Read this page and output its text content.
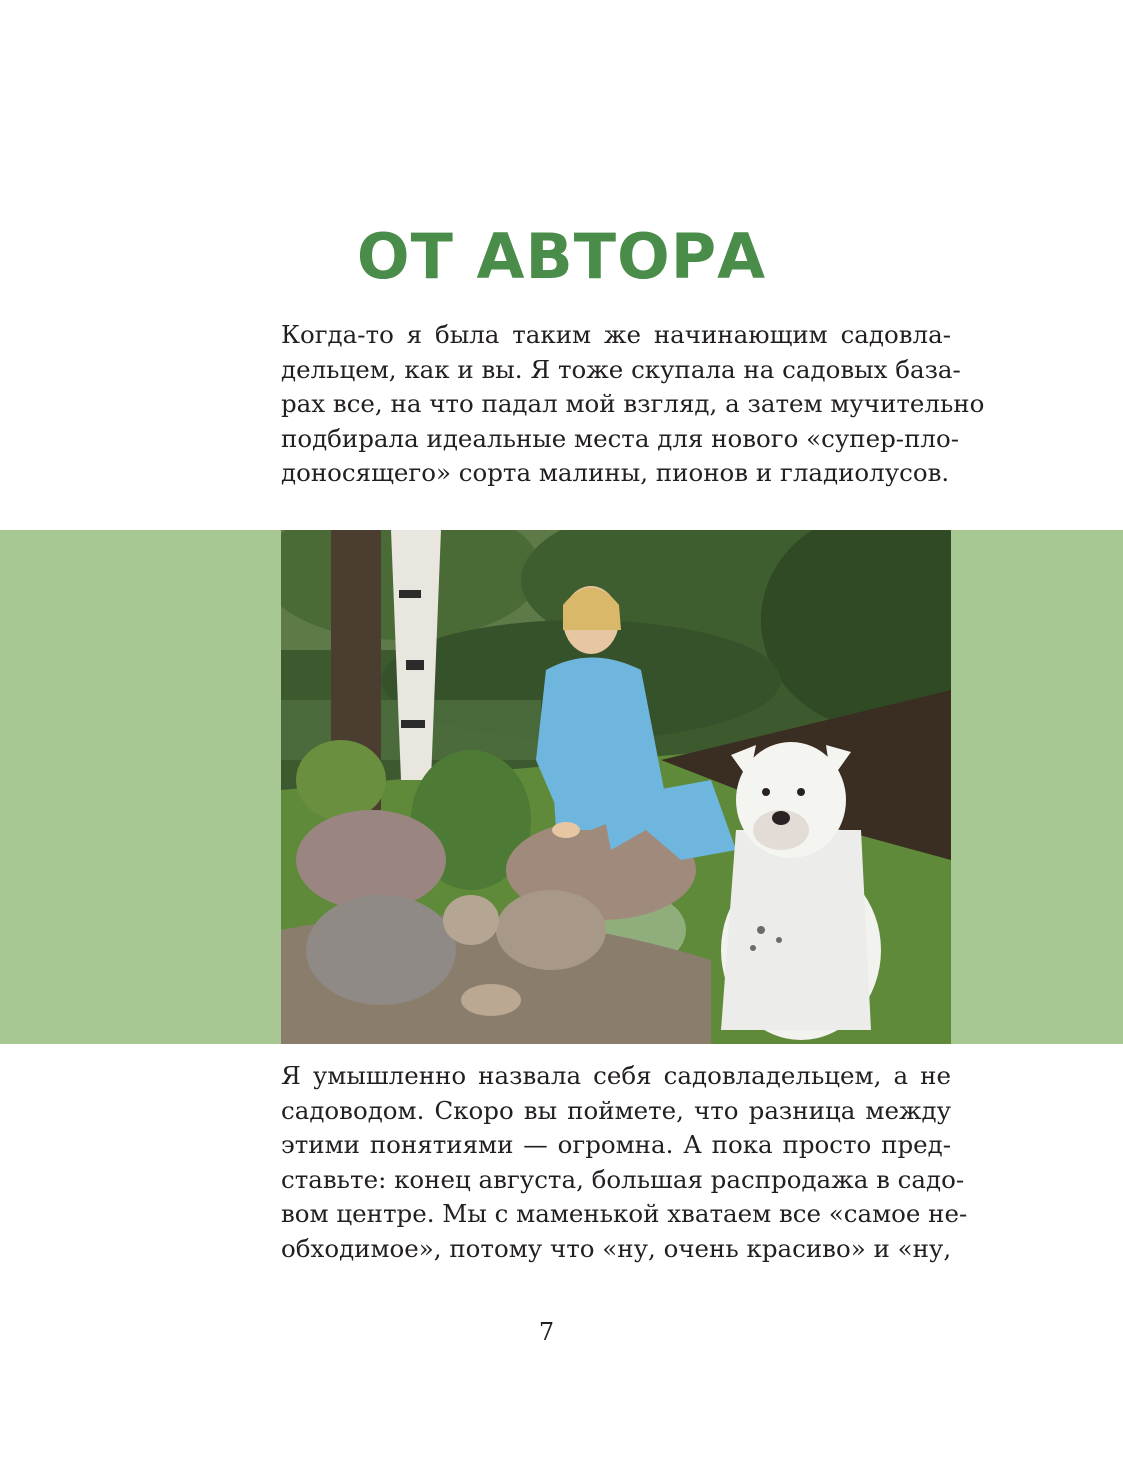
ОТ АВТОРА
Когда-то я была таким же начинающим садовла-
дельцем, как и вы. Я тоже скупала на садовых база-
рах все, на что падал мой взгляд, а затем мучительно
подбирала идеальные места для нового «супер-пло-
доносящего» сорта малины, пионов и гладиолусов.
Я умышленно назвала себя садовладельцем, а не
садоводом. Скоро вы поймете, что разница между
этими понятиями — огромна. А пока просто пред-
ставьте: конец августа, большая распродажа в садо-
вом центре. Мы с маменькой хватаем все «самое не-
обходимое», потому что «ну, очень красиво» и «ну,

7
